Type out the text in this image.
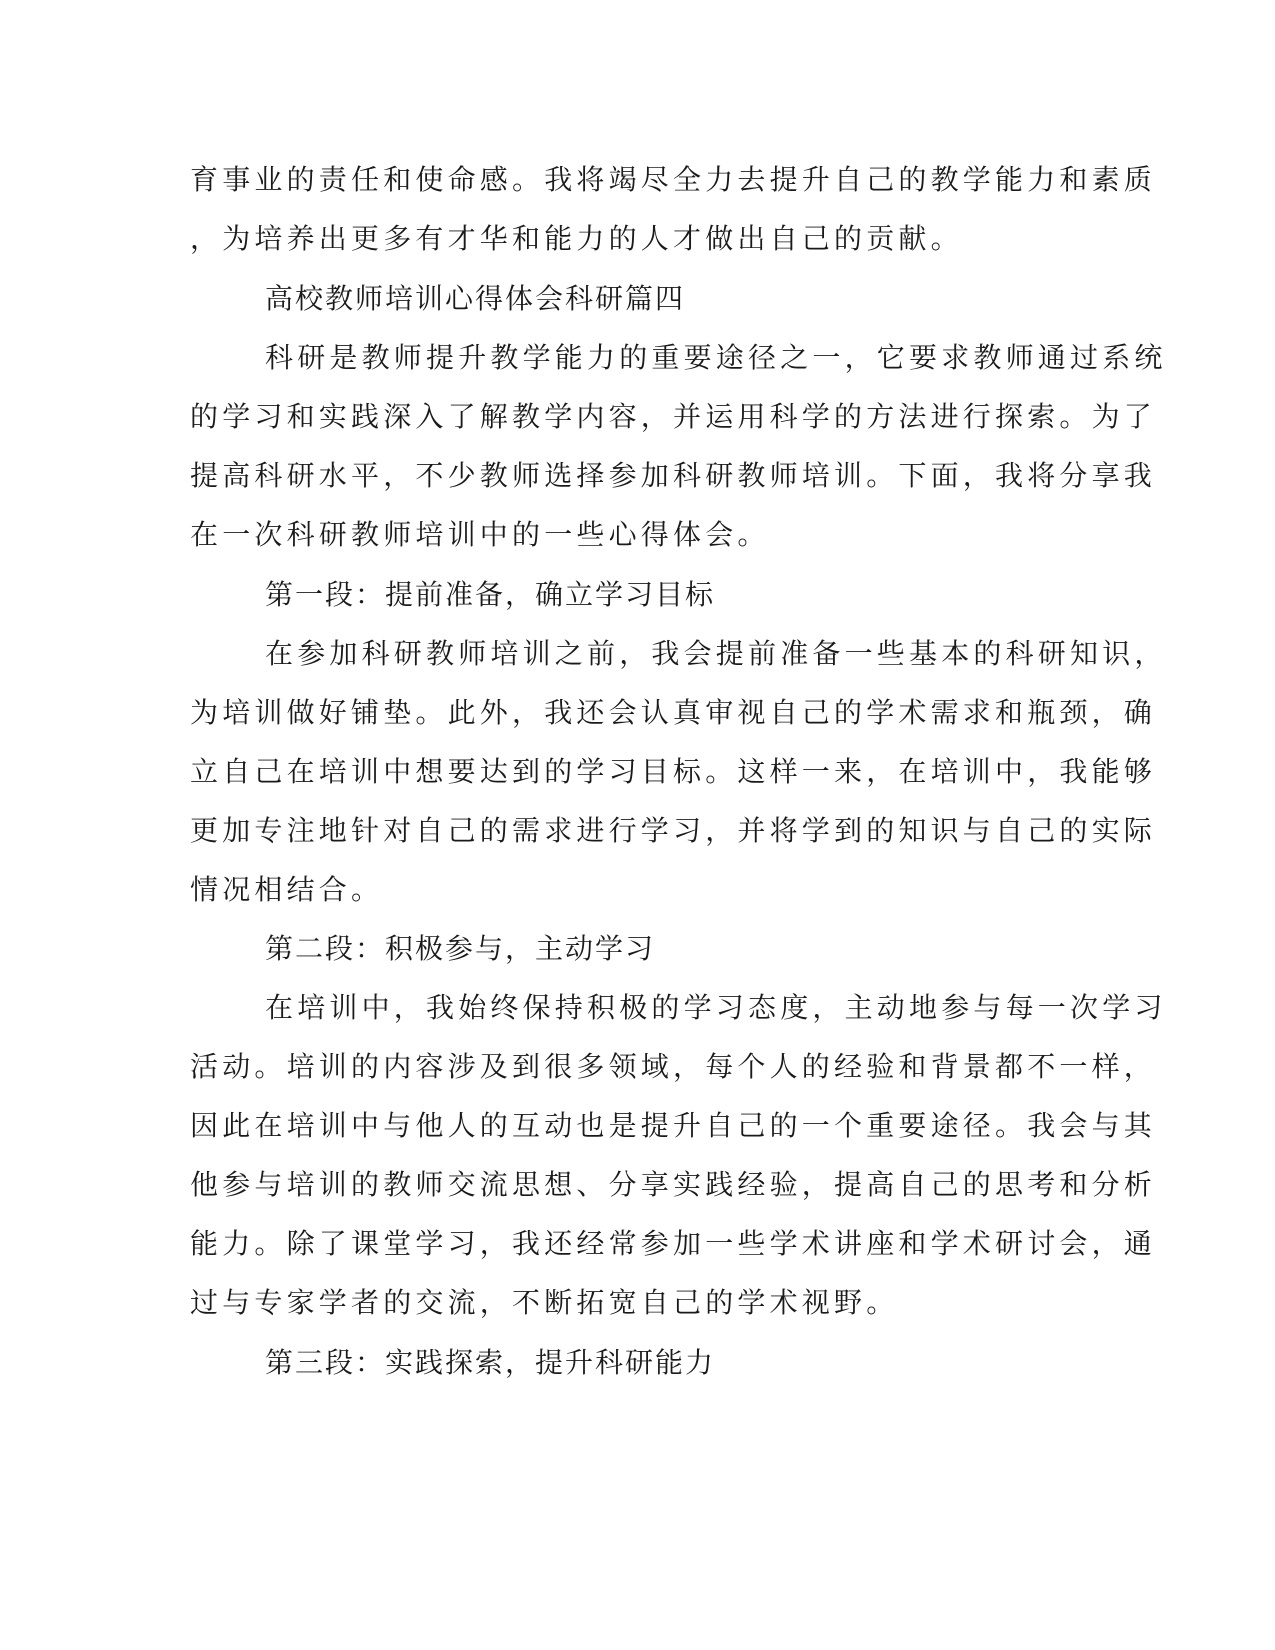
育事业的责任和使命感。我将竭尽全力去提升自己的教学能力和素质
，为培养出更多有才华和能力的人才做出自己的贡献。
高校教师培训心得体会科研篇四
科研是教师提升教学能力的重要途径之一，它要求教师通过系统
的学习和实践深入了解教学内容，并运用科学的方法进行探索。为了
提高科研水平，不少教师选择参加科研教师培训。下面，我将分享我
在一次科研教师培训中的一些心得体会。
第一段：提前准备，确立学习目标
在参加科研教师培训之前，我会提前准备一些基本的科研知识，
为培训做好铺垫。此外，我还会认真审视自己的学术需求和瓶颈，确
立自己在培训中想要达到的学习目标。这样一来，在培训中，我能够
更加专注地针对自己的需求进行学习，并将学到的知识与自己的实际
情况相结合。
第二段：积极参与，主动学习
在培训中，我始终保持积极的学习态度，主动地参与每一次学习
活动。培训的内容涉及到很多领域，每个人的经验和背景都不一样，
因此在培训中与他人的互动也是提升自己的一个重要途径。我会与其
他参与培训的教师交流思想、分享实践经验，提高自己的思考和分析
能力。除了课堂学习，我还经常参加一些学术讲座和学术研讨会，通
过与专家学者的交流，不断拓宽自己的学术视野。
第三段：实践探索，提升科研能力
